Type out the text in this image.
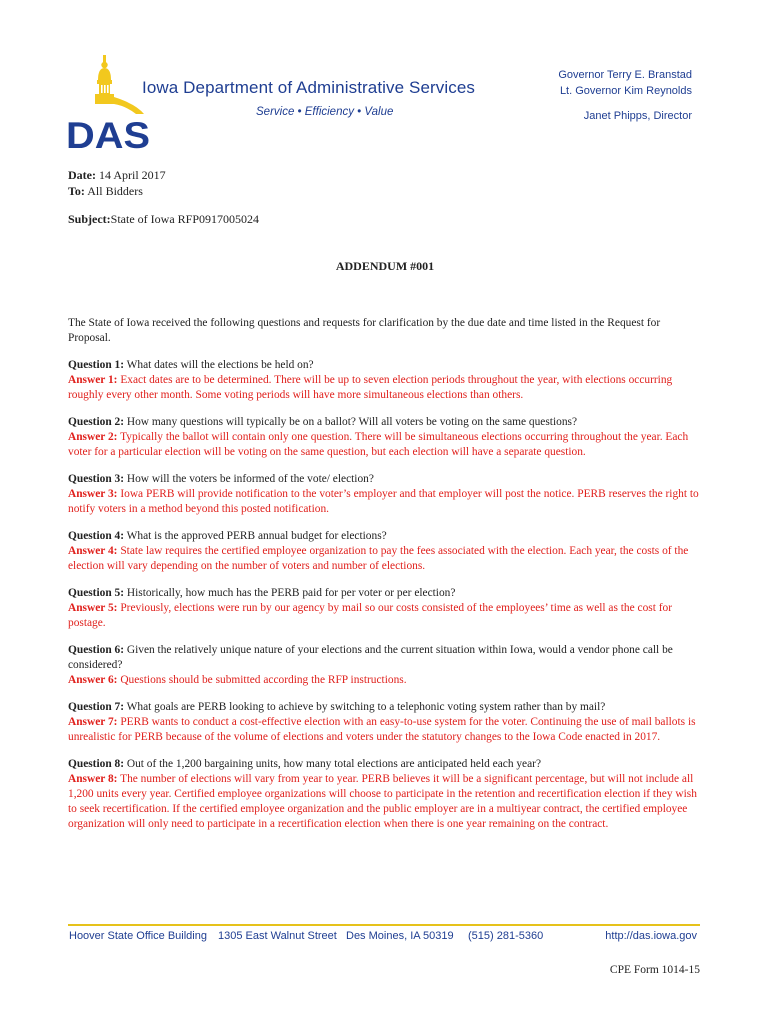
DAS
Iowa Department of Administrative Services
Service • Efficiency • Value
Governor Terry E. Branstad
Lt. Governor Kim Reynolds
Janet Phipps, Director
Date: 14 April 2017
To: All Bidders
Subject:State of Iowa RFP0917005024
ADDENDUM #001

The State of Iowa received the following questions and requests for clarification by the due date and time listed in the Request for Proposal.

Question 1: What dates will the elections be held on?
Answer 1: Exact dates are to be determined. There will be up to seven election periods throughout the year, with elections occurring roughly every other month. Some voting periods will have more simultaneous elections than others.
Question 2: How many questions will typically be on a ballot? Will all voters be voting on the same questions?
Answer 2: Typically the ballot will contain only one question. There will be simultaneous elections occurring throughout the year. Each voter for a particular election will be voting on the same question, but each election will have a separate question.
Question 3: How will the voters be informed of the vote/ election?
Answer 3: Iowa PERB will provide notification to the voter’s employer and that employer will post the notice. PERB reserves the right to notify voters in a method beyond this posted notification.
Question 4: What is the approved PERB annual budget for elections?
Answer 4: State law requires the certified employee organization to pay the fees associated with the election. Each year, the costs of the election will vary depending on the number of voters and number of elections.
Question 5: Historically, how much has the PERB paid for per voter or per election?
Answer 5: Previously, elections were run by our agency by mail so our costs consisted of the employees’ time as well as the cost for postage.
Question 6: Given the relatively unique nature of your elections and the current situation within Iowa, would a vendor phone call be considered?
Answer 6: Questions should be submitted according the RFP instructions.
Question 7: What goals are PERB looking to achieve by switching to a telephonic voting system rather than by mail?
Answer 7: PERB wants to conduct a cost-effective election with an easy-to-use system for the voter. Continuing the use of mail ballots is unrealistic for PERB because of the volume of elections and voters under the statutory changes to the Iowa Code enacted in 2017.
Question 8: Out of the 1,200 bargaining units, how many total elections are anticipated held each year?
Answer 8: The number of elections will vary from year to year. PERB believes it will be a significant percentage, but will not include all 1,200 units every year. Certified employee organizations will choose to participate in the retention and recertification election if they wish to seek recertification. If the certified employee organization and the public employer are in a multiyear contract, the certified employee organization will only need to participate in a recertification election when there is one year remaining on the contract.
Hoover State Office Building 1305 East Walnut Street Des Moines, IA 50319 (515) 281-5360	http://das.iowa.gov
CPE Form 1014-15
